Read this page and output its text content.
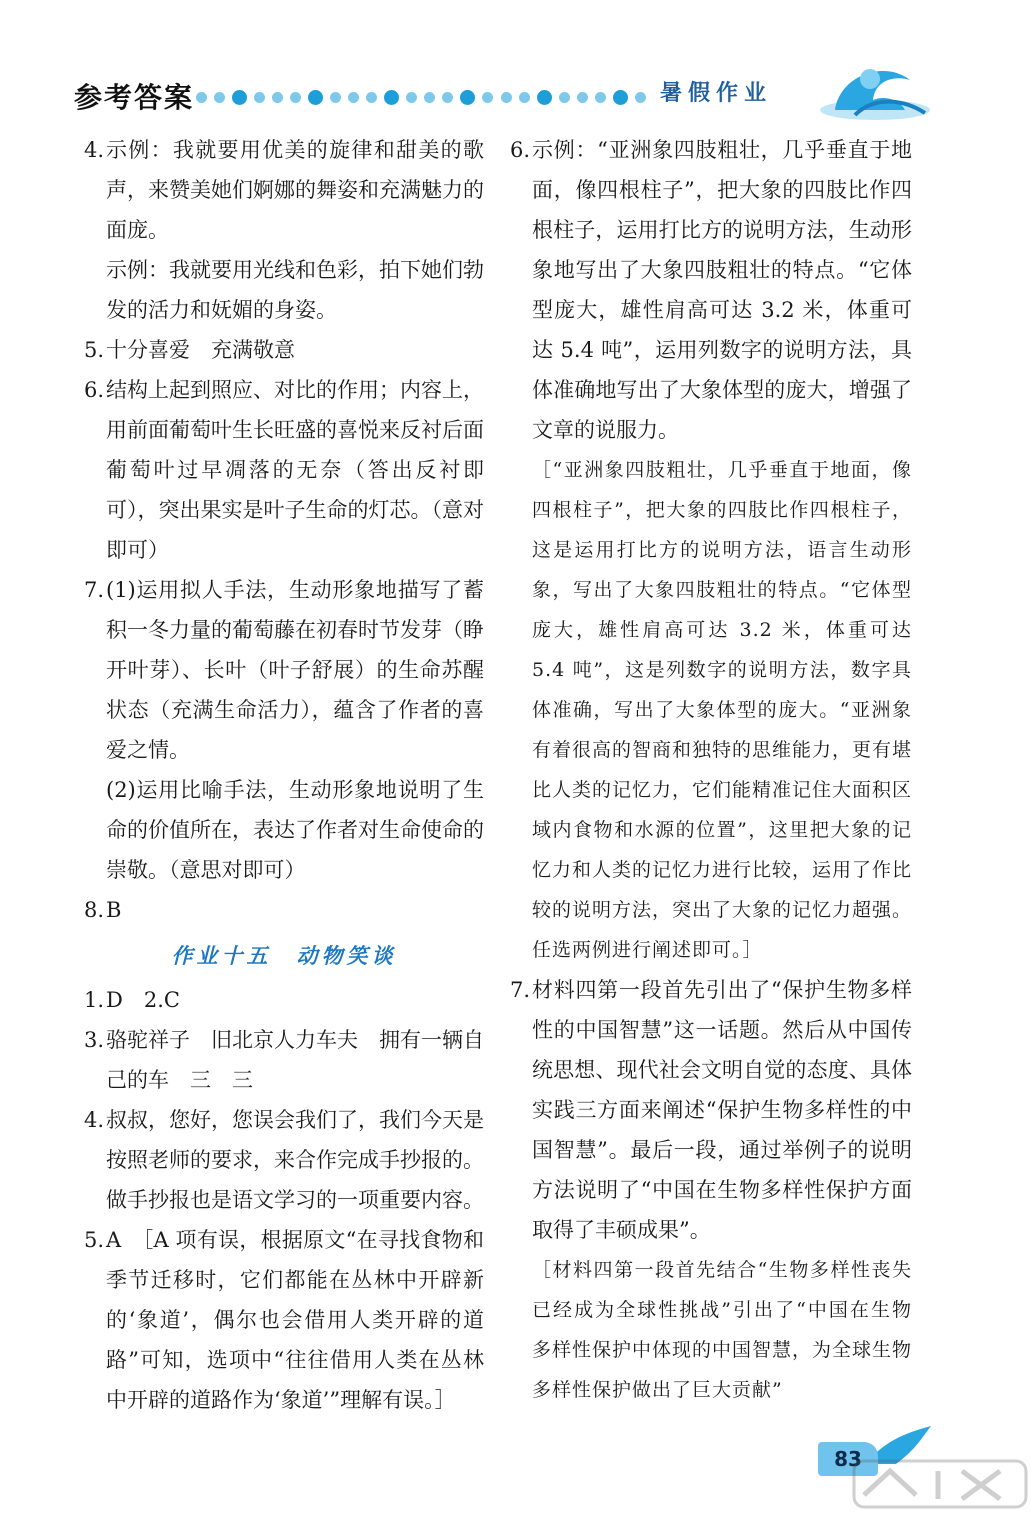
参考答案	暑假作业
4. 示例：我就要用优美的旋律和甜美的歌声，来赞美她们婀娜的舞姿和充满魅力的面庞。
示例：我就要用光线和色彩，拍下她们勃发的活力和妩媚的身姿。
5. 十分喜爱　充满敬意
6. 结构上起到照应、对比的作用；内容上，用前面葡萄叶生长旺盛的喜悦来反衬后面葡萄叶过早凋落的无奈（答出反衬即可），突出果实是叶子生命的灯芯。（意对即可）
7. (1)运用拟人手法，生动形象地描写了蓄积一冬力量的葡萄藤在初春时节发芽（睁开叶芽）、长叶（叶子舒展）的生命苏醒状态（充满生命活力），蕴含了作者的喜爱之情。
(2)运用比喻手法，生动形象地说明了生命的价值所在，表达了作者对生命使命的崇敬。（意思对即可）
8. B
作业十五　动物笑谈
1. D　2.C
3. 骆驼祥子　旧北京人力车夫　拥有一辆自己的车　三　三
4. 叔叔，您好，您误会我们了，我们今天是按照老师的要求，来合作完成手抄报的。做手抄报也是语文学习的一项重要内容。
5. A　［A 项有误，根据原文“在寻找食物和季节迁移时，它们都能在丛林中开辟新的‘象道’，偶尔也会借用人类开辟的道路”可知，选项中“往往借用人类在丛林中开辟的道路作为‘象道’”理解有误。］
6. 示例：“亚洲象四肢粗壮，几乎垂直于地面，像四根柱子”，把大象的四肢比作四根柱子，运用打比方的说明方法，生动形象地写出了大象四肢粗壮的特点。“它体型庞大，雄性肩高可达 3.2 米，体重可达 5.4 吨”，运用列数字的说明方法，具体准确地写出了大象体型的庞大，增强了文章的说服力。
［“亚洲象四肢粗壮，几乎垂直于地面，像四根柱子”，把大象的四肢比作四根柱子，这是运用打比方的说明方法，语言生动形象，写出了大象四肢粗壮的特点。“它体型庞大，雄性肩高可达 3.2 米，体重可达 5.4 吨”，这是列数字的说明方法，数字具体准确，写出了大象体型的庞大。“亚洲象有着很高的智商和独特的思维能力，更有堪比人类的记忆力，它们能精准记住大面积区域内食物和水源的位置”，这里把大象的记忆力和人类的记忆力进行比较，运用了作比较的说明方法，突出了大象的记忆力超强。任选两例进行阐述即可。］
7. 材料四第一段首先引出了“保护生物多样性的中国智慧”这一话题。然后从中国传统思想、现代社会文明自觉的态度、具体实践三方面来阐述“保护生物多样性的中国智慧”。最后一段，通过举例子的说明方法说明了“中国在生物多样性保护方面取得了丰硕成果”。
［材料四第一段首先结合“生物多样性丧失已经成为全球性挑战”引出了“中国在生物多样性保护中体现的中国智慧，为全球生物多样性保护做出了巨大贡献”
83
